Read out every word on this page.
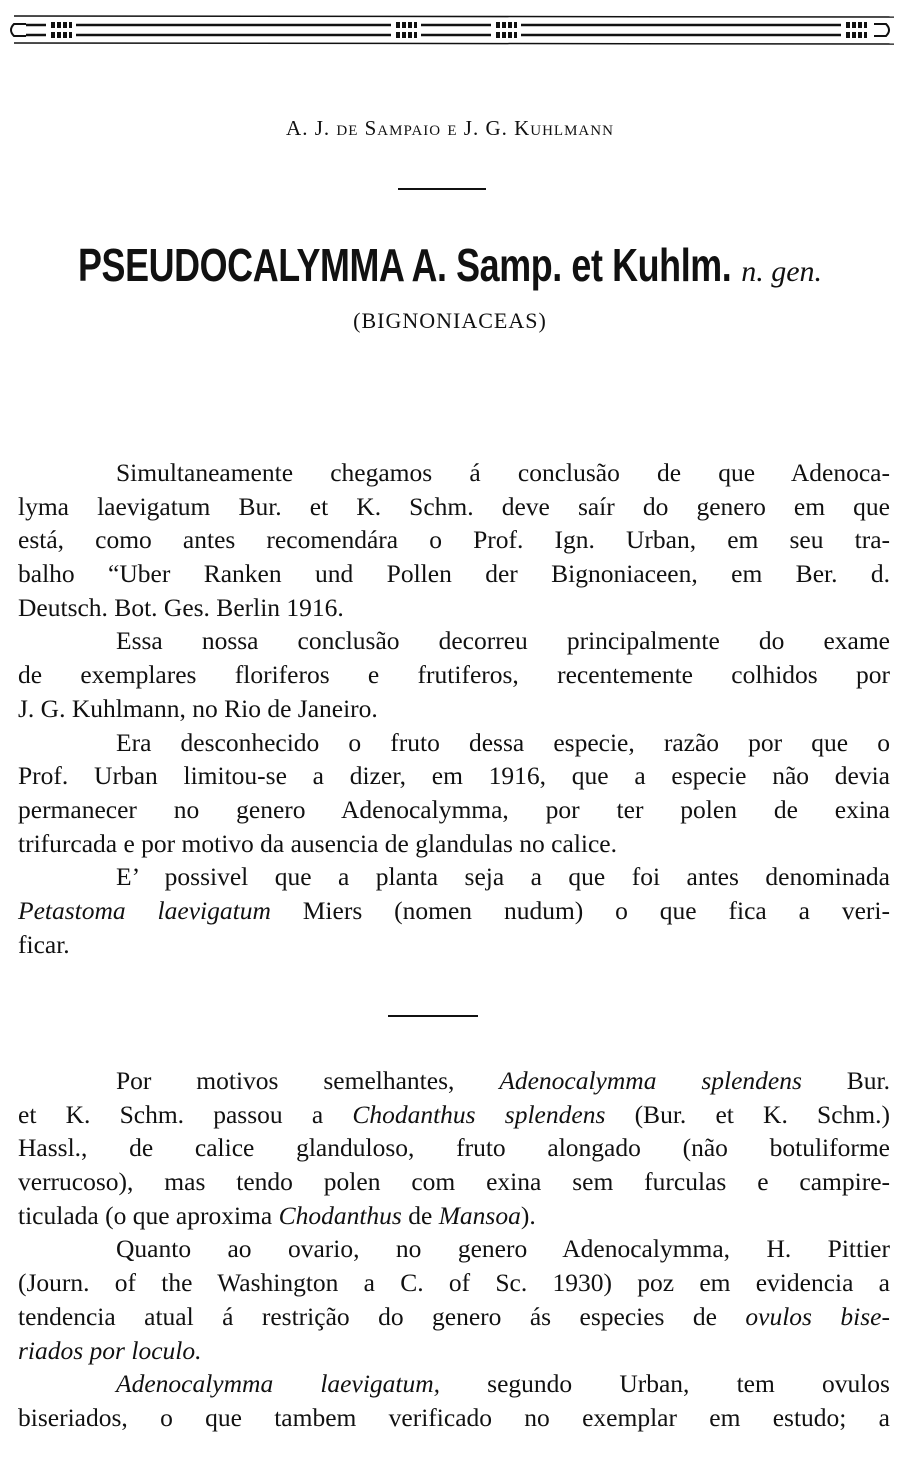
A. J. de Sampaio e J. G. Kuhlmann
PSEUDOCALYMMA A. Samp. et Kuhlm. n. gen.
(BIGNONIACEAS)
Simultaneamente chegamos á conclusão de que Adenoca-
lyma laevigatum Bur. et K. Schm. deve saír do genero em que
está, como antes recomendára o Prof. Ign. Urban, em seu tra-
balho “Uber Ranken und Pollen der Bignoniaceen, em Ber. d.
Deutsch. Bot. Ges. Berlin 1916.
Essa nossa conclusão decorreu principalmente do exame
de exemplares floriferos e frutiferos, recentemente colhidos por
J. G. Kuhlmann, no Rio de Janeiro.
Era desconhecido o fruto dessa especie, razão por que o
Prof. Urban limitou-se a dizer, em 1916, que a especie não devia
permanecer no genero Adenocalymma, por ter polen de exina
trifurcada e por motivo da ausencia de glandulas no calice.
E’ possivel que a planta seja a que foi antes denominada
Petastoma laevigatum Miers (nomen nudum) o que fica a veri-
ficar.
Por motivos semelhantes, Adenocalymma splendens Bur.
et K. Schm. passou a Chodanthus splendens (Bur. et K. Schm.)
Hassl., de calice glanduloso, fruto alongado (não botuliforme
verrucoso), mas tendo polen com exina sem furculas e campire-
ticulada (o que aproxima Chodanthus de Mansoa).
Quanto ao ovario, no genero Adenocalymma, H. Pittier
(Journ. of the Washington a C. of Sc. 1930) poz em evidencia a
tendencia atual á restrição do genero ás especies de ovulos bise-
riados por loculo.
Adenocalymma laevigatum, segundo Urban, tem ovulos
biseriados, o que tambem verificado no exemplar em estudo; a
